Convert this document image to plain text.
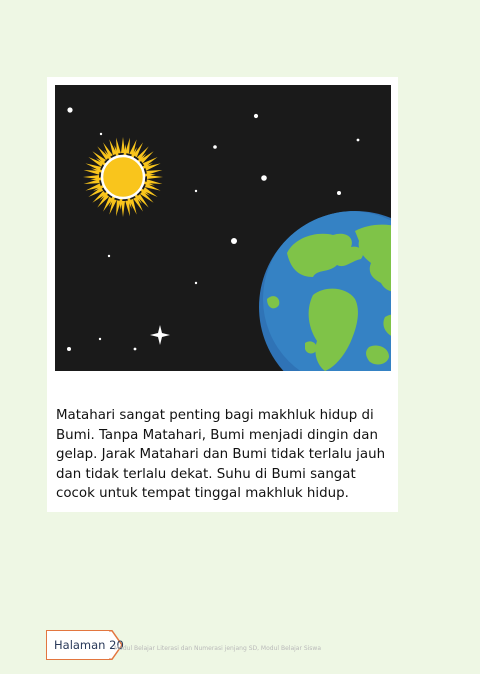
Matahari sangat penting bagi makhluk hidup di Bumi. Tanpa Matahari, Bumi menjadi dingin dan gelap. Jarak Matahari dan Bumi tidak terlalu jauh dan tidak terlalu dekat. Suhu di Bumi sangat cocok untuk tempat tinggal makhluk hidup.

Halaman 20
Modul Belajar Literasi dan Numerasi jenjang SD, Modul Belajar Siswa
